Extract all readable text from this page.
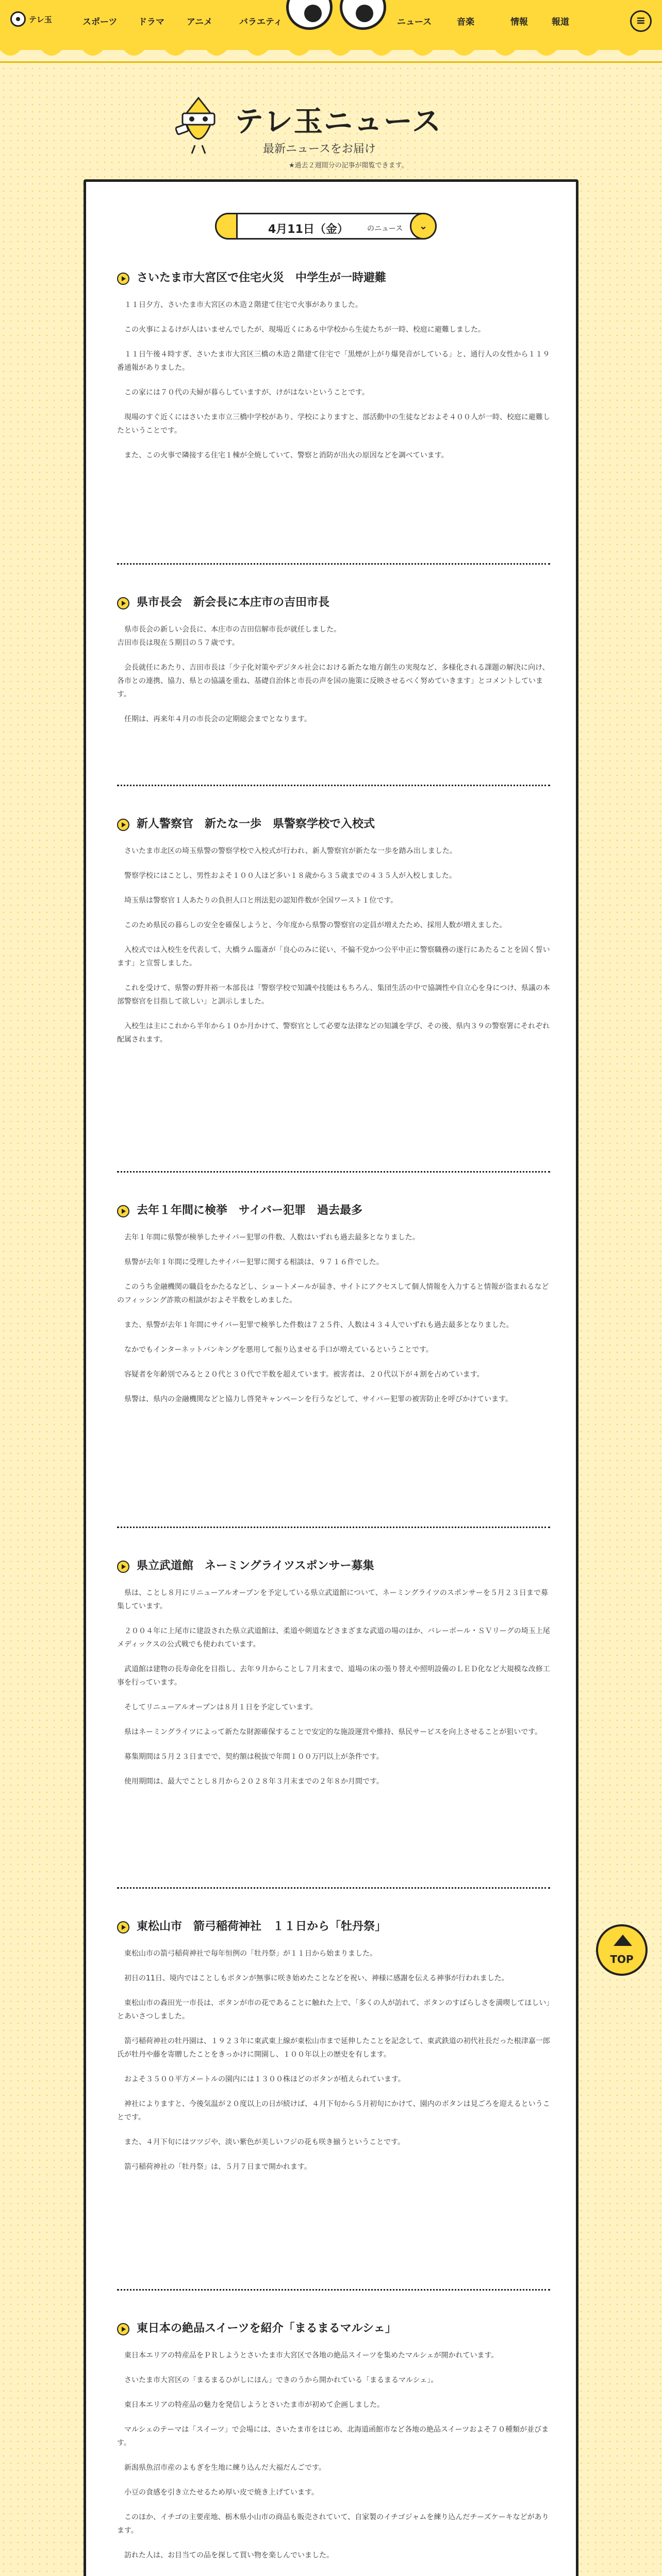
テレ玉	スポーツ ドラマ	アニメ	バラエティ	ニュース	音楽	情報	報道	≡
テレ玉ニュース

最新ニュースをお届け

★過去２週間分の記事が閲覧できます。

4月11日（金）	のニュース	⌄
さいたま市大宮区で住宅火災　中学生が一時避難

１１日夕方、さいたま市大宮区の木造２階建て住宅で火事がありました。

この火事によるけが人はいませんでしたが、現場近くにある中学校から生徒たちが一時、校庭に避難しました。

１１日午後４時すぎ、さいたま市大宮区三橋の木造２階建て住宅で「黒煙が上がり爆発音がしている」と、通行人の女性から１１９番通報がありました。

この家には７０代の夫婦が暮らしていますが、けがはないということです。

現場のすぐ近くにはさいたま市立三橋中学校があり、学校によりますと、部活動中の生徒などおよそ４００人が一時、校庭に避難したということです。

また、この火事で隣接する住宅１棟が全焼していて、警察と消防が出火の原因などを調べています。

県市長会　新会長に本庄市の吉田市長

県市長会の新しい会長に、本庄市の吉田信解市長が就任しました。
吉田市長は現在５期目の５７歳です。

会長就任にあたり、吉田市長は「少子化対策やデジタル社会における新たな地方創生の実現など、多様化される課題の解決に向け、各市との連携、協力、県との協議を重ね、基礎自治体と市長の声を国の施策に反映させるべく努めていきます」とコメントしています。

任期は、再来年４月の市長会の定期総会までとなります。

新人警察官　新たな一歩　県警察学校で入校式

さいたま市北区の埼玉県警の警察学校で入校式が行われ、新人警察官が新たな一歩を踏み出しました。

警察学校にはことし、男性およそ１００人ほど多い１８歳から３５歳までの４３５人が入校しました。

埼玉県は警察官１人あたりの負担人口と刑法犯の認知件数が全国ワースト１位です。

このため県民の暮らしの安全を確保しようと、今年度から県警の警察官の定員が増えたため、採用人数が増えました。

入校式では入校生を代表して、大橋ラム臨斎が「良心のみに従い、不偏不党かつ公平中正に警察職務の遂行にあたることを固く誓います」と宣誓しました。

これを受けて、県警の野井裕一本部長は「警察学校で知識や技能はもちろん、集団生活の中で協調性や自立心を身につけ、県議の本部警察官を目指して欲しい」と訓示しました。

入校生は主にこれから半年から１０か月かけて、警察官として必要な法律などの知識を学び、その後、県内３９の警察署にそれぞれ配属されます。

去年１年間に検挙　サイバー犯罪　過去最多

去年１年間に県警が検挙したサイバー犯罪の件数、人数はいずれも過去最多となりました。

県警が去年１年間に受理したサイバー犯罪に関する相談は、９７１６件でした。

このうち金融機関の職員をかたるなどし、ショートメールが届き、サイトにアクセスして個人情報を入力すると情報が盗まれるなどのフィッシング詐欺の相談がおよそ半数をしめました。

また、県警が去年１年間にサイバー犯罪で検挙した件数は７２５件、人数は４３４人でいずれも過去最多となりました。

なかでもインターネットバンキングを悪用して振り込ませる手口が増えているということです。

容疑者を年齢別でみると２０代と３０代で半数を超えています。被害者は、２０代以下が４割を占めています。

県警は、県内の金融機関などと協力し啓発キャンペーンを行うなどして、サイバー犯罪の被害防止を呼びかけています。

県立武道館　ネーミングライツスポンサー募集

県は、ことし８月にリニューアルオープンを予定している県立武道館について、ネーミングライツのスポンサーを５月２３日まで募集しています。

２００４年に上尾市に建設された県立武道館は、柔道や剣道などさまざまな武道の場のほか、バレーボール・ＳＶリーグの埼玉上尾メディックスの公式戦でも使われています。

武道館は建物の長寿命化を目指し、去年９月からことし７月末まで、道場の床の張り替えや照明設備のＬＥＤ化など大規模な改修工事を行っています。

そしてリニューアルオープンは８月１日を予定しています。

県はネーミングライツによって新たな財源確保することで安定的な施設運営や維持、県民サービスを向上させることが狙いです。

募集期間は５月２３日までで、契約額は税抜で年間１００万円以上が条件です。

使用期間は、最大でことし８月から２０２８年３月末までの２年８か月間です。

東松山市　箭弓稲荷神社　１１日から「牡丹祭」

東松山市の箭弓稲荷神社で毎年恒例の「牡丹祭」が１１日から始まりました。

初日の11日、境内ではことしもボタンが無事に咲き始めたことなどを祝い、神様に感謝を伝える神事が行われました。

東松山市の森田光一市長は、ボタンが市の花であることに触れた上で、「多くの人が訪れて、ボタンのすばらしさを満喫してほしい」とあいさつしました。

箭弓稲荷神社の牡丹園は、１９２３年に東武東上線が東松山市まで延伸したことを記念して、東武鉄道の初代社長だった根津嘉一郎氏が牡丹や藤を寄贈したことをきっかけに開園し、１００年以上の歴史を有します。

およそ３５００平方メートルの園内には１３００株ほどのボタンが植えられています。

神社によりますと、今後気温が２０度以上の日が続けば、４月下旬から５月初旬にかけて、園内のボタンは見ごろを迎えるということです。

また、４月下旬にはツツジや、淡い紫色が美しいフジの花も咲き揃うということです。

箭弓稲荷神社の「牡丹祭」は、５月７日まで開かれます。

東日本の絶品スイーツを紹介「まるまるマルシェ」

東日本エリアの特産品をＰＲしようとさいたま市大宮区で各地の絶品スイーツを集めたマルシェが開かれています。

さいたま市大宮区の「まるまるひがしにほん」できのうから開かれている「まるまるマルシェ」。

東日本エリアの特産品の魅力を発信しようとさいたま市が初めて企画しました。

マルシェのテーマは「スイーツ」で会場には、さいたま市をはじめ、北海道函館市など各地の絶品スイーツおよそ７０種類が並びます。

新潟県魚沼市産のよもぎを生地に練り込んだ大福だんごです。

小豆の食感を引き立たせるため厚い皮で焼き上げています。

このほか、イチゴの主要産地、栃木県小山市の商品も販売されていて、自家製のイチゴジャムを練り込んだチーズケーキなどがあります。

訪れた人は、お目当ての品を探して買い物を楽しんでいました。

TOP
